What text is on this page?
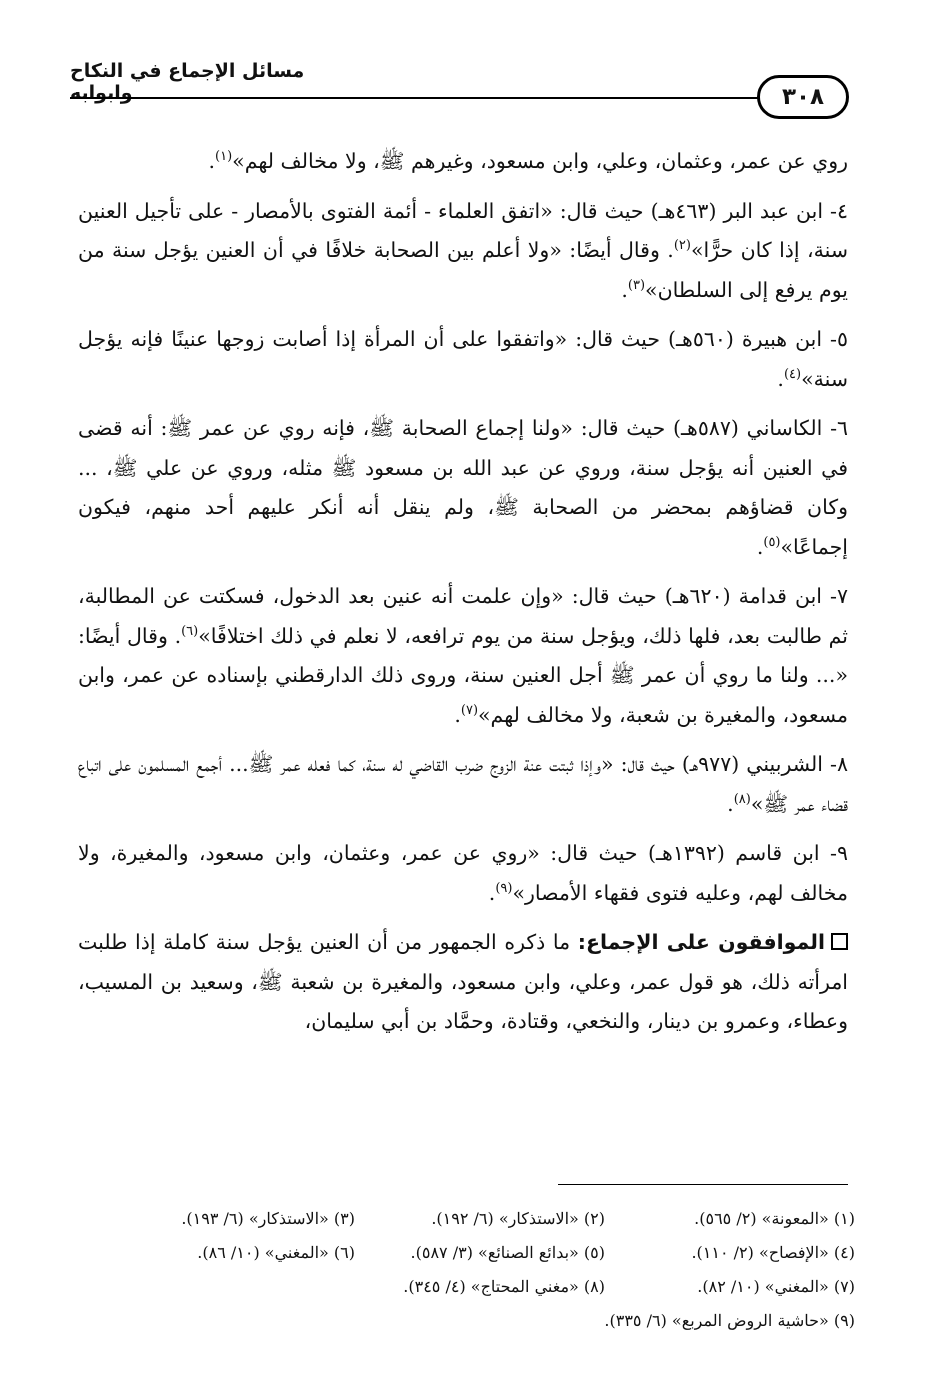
مسائل الإجماع في النكاح وابوابه	٣٠٨

روي عن عمر، وعثمان، وعلي، وابن مسعود، وغيرهم ﷺ، ولا مخالف لهم»$^{(١)}$.

٤- ابن عبد البر (٤٦٣هـ) حيث قال: «اتفق العلماء - أئمة الفتوى بالأمصار - على تأجيل العنين سنة، إذا كان حرًّا»$^{(٢)}$. وقال أيضًا: «ولا أعلم بين الصحابة خلافًا في أن العنين يؤجل سنة من يوم يرفع إلى السلطان»$^{(٣)}$.

٥- ابن هبيرة (٥٦٠هـ) حيث قال: «واتفقوا على أن المرأة إذا أصابت زوجها عنينًا فإنه يؤجل سنة»$^{(٤)}$.

٦- الكاساني (٥٨٧هـ) حيث قال: «ولنا إجماع الصحابة ﷺ، فإنه روي عن عمر ﷺ: أنه قضى في العنين أنه يؤجل سنة، وروي عن عبد الله بن مسعود ﷺ مثله، وروي عن علي ﷺ، ... وكان قضاؤهم بمحضر من الصحابة ﷺ، ولم ينقل أنه أنكر عليهم أحد منهم، فيكون إجماعًا»$^{(٥)}$.

٧- ابن قدامة (٦٢٠هـ) حيث قال: «وإن علمت أنه عنين بعد الدخول، فسكتت عن المطالبة، ثم طالبت بعد، فلها ذلك، ويؤجل سنة من يوم ترافعه، لا نعلم في ذلك اختلافًا»$^{(٦)}$. وقال أيضًا: «... ولنا ما روي أن عمر ﷺ أجل العنين سنة، وروى ذلك الدارقطني بإسناده عن عمر، وابن مسعود، والمغيرة بن شعبة، ولا مخالف لهم»$^{(٧)}$.

٨- الشربيني (٩٧٧هـ) حيث قال: «وإذا ثبتت عنة الزوج ضرب القاضي له سنة، كما فعله عمر ﷺ... أجمع المسلمون على اتباع قضاء عمر ﷺ»$^{(٨)}$.

٩- ابن قاسم (١٣٩٢هـ) حيث قال: «روي عن عمر، وعثمان، وابن مسعود، والمغيرة، ولا مخالف لهم، وعليه فتوى فقهاء الأمصار»$^{(٩)}$.

الموافقون على الإجماع: ما ذكره الجمهور من أن العنين يؤجل سنة كاملة إذا طلبت امرأته ذلك، هو قول عمر، وعلي، وابن مسعود، والمغيرة بن شعبة ﷺ، وسعيد بن المسيب، وعطاء، وعمرو بن دينار، والنخعي، وقتادة، وحمَّاد بن أبي سليمان،

(١) «المعونة» (٢/ ٥٦٥).
(٢) «الاستذكار» (٦/ ١٩٢).
(٣) «الاستذكار» (٦/ ١٩٣).
(٤) «الإفصاح» (٢/ ١١٠).
(٥) «بدائع الصنائع» (٣/ ٥٨٧).
(٦) «المغني» (١٠/ ٨٦).
(٧) «المغني» (١٠/ ٨٢).
(٨) «مغني المحتاج» (٤/ ٣٤٥).
(٩) «حاشية الروض المربع» (٦/ ٣٣٥).
